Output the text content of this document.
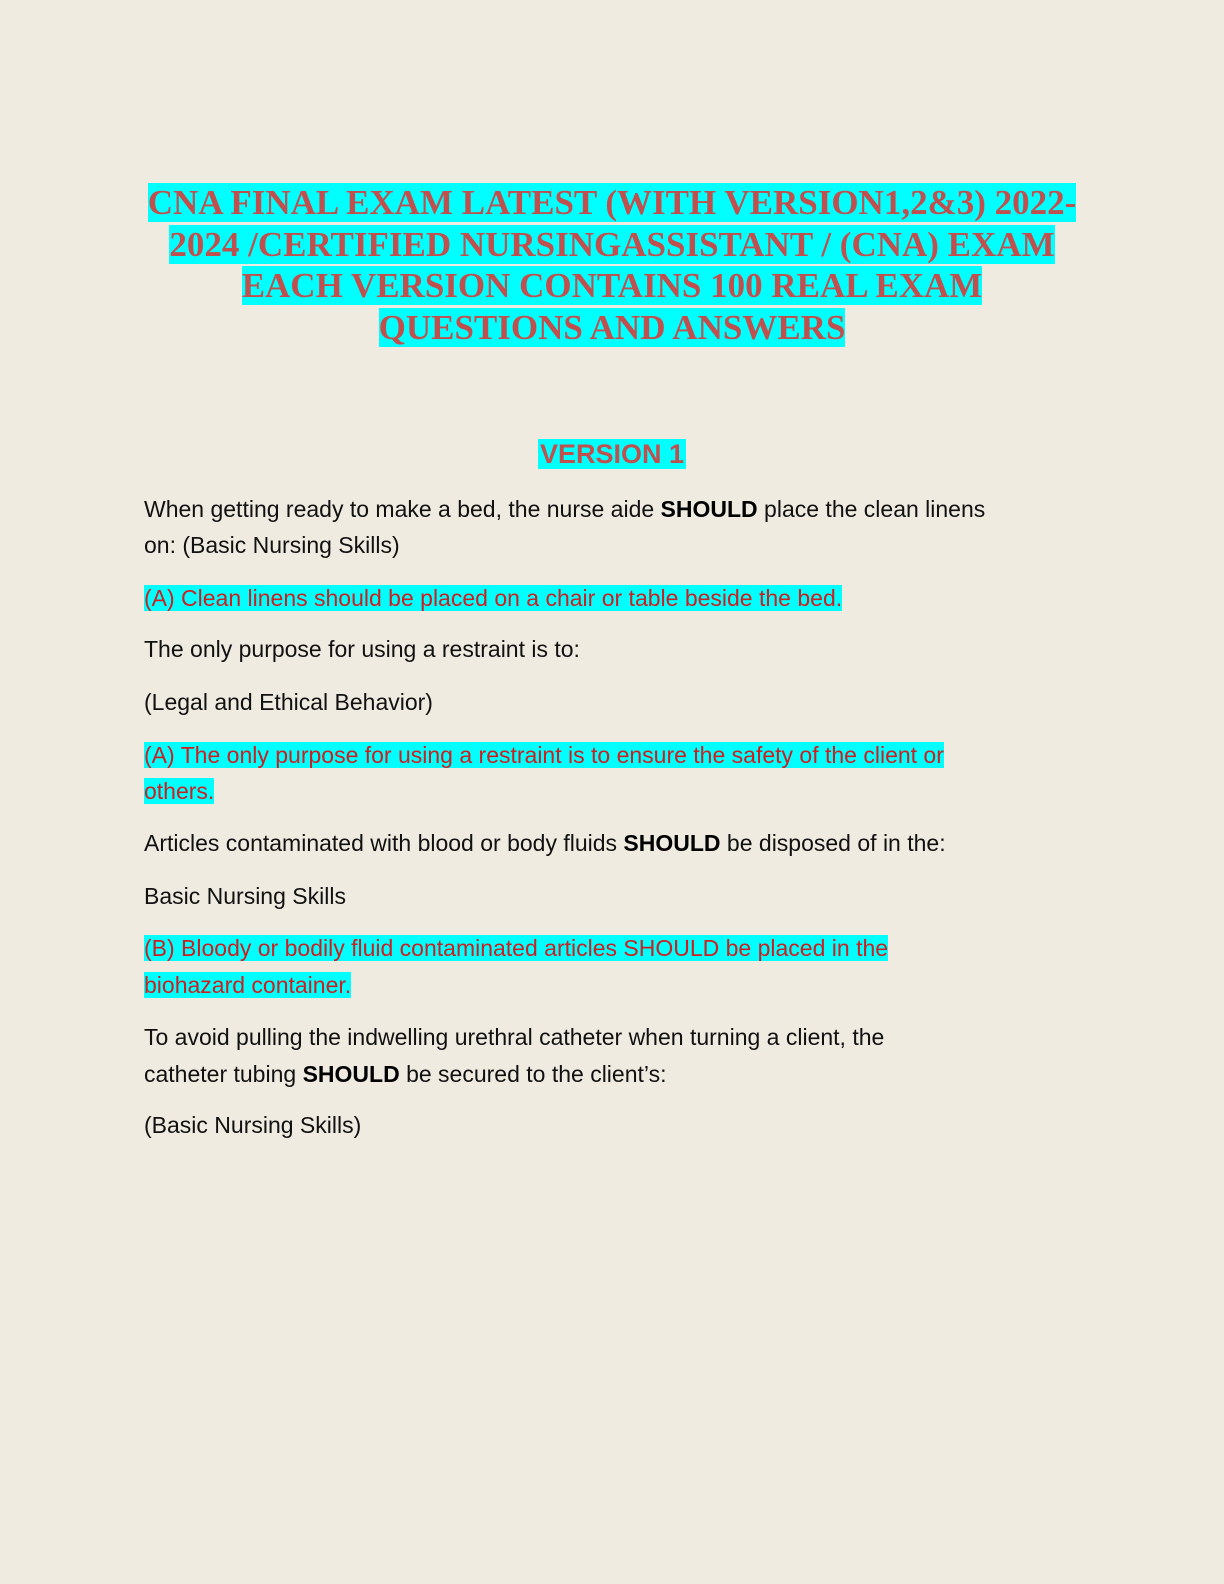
CNA FINAL EXAM LATEST (WITH VERSION1,2&3) 2022-
2024 /CERTIFIED NURSINGASSISTANT / (CNA) EXAM
EACH VERSION CONTAINS 100 REAL EXAM
QUESTIONS AND ANSWERS
VERSION 1
When getting ready to make a bed, the nurse aide SHOULD place the clean linens
on: (Basic Nursing Skills)
(A) Clean linens should be placed on a chair or table beside the bed.
The only purpose for using a restraint is to:
(Legal and Ethical Behavior)
(A) The only purpose for using a restraint is to ensure the safety of the client or
others.
Articles contaminated with blood or body fluids SHOULD be disposed of in the:
Basic Nursing Skills
(B) Bloody or bodily fluid contaminated articles SHOULD be placed in the
biohazard container.
To avoid pulling the indwelling urethral catheter when turning a client, the
catheter tubing SHOULD be secured to the client’s:
(Basic Nursing Skills)
